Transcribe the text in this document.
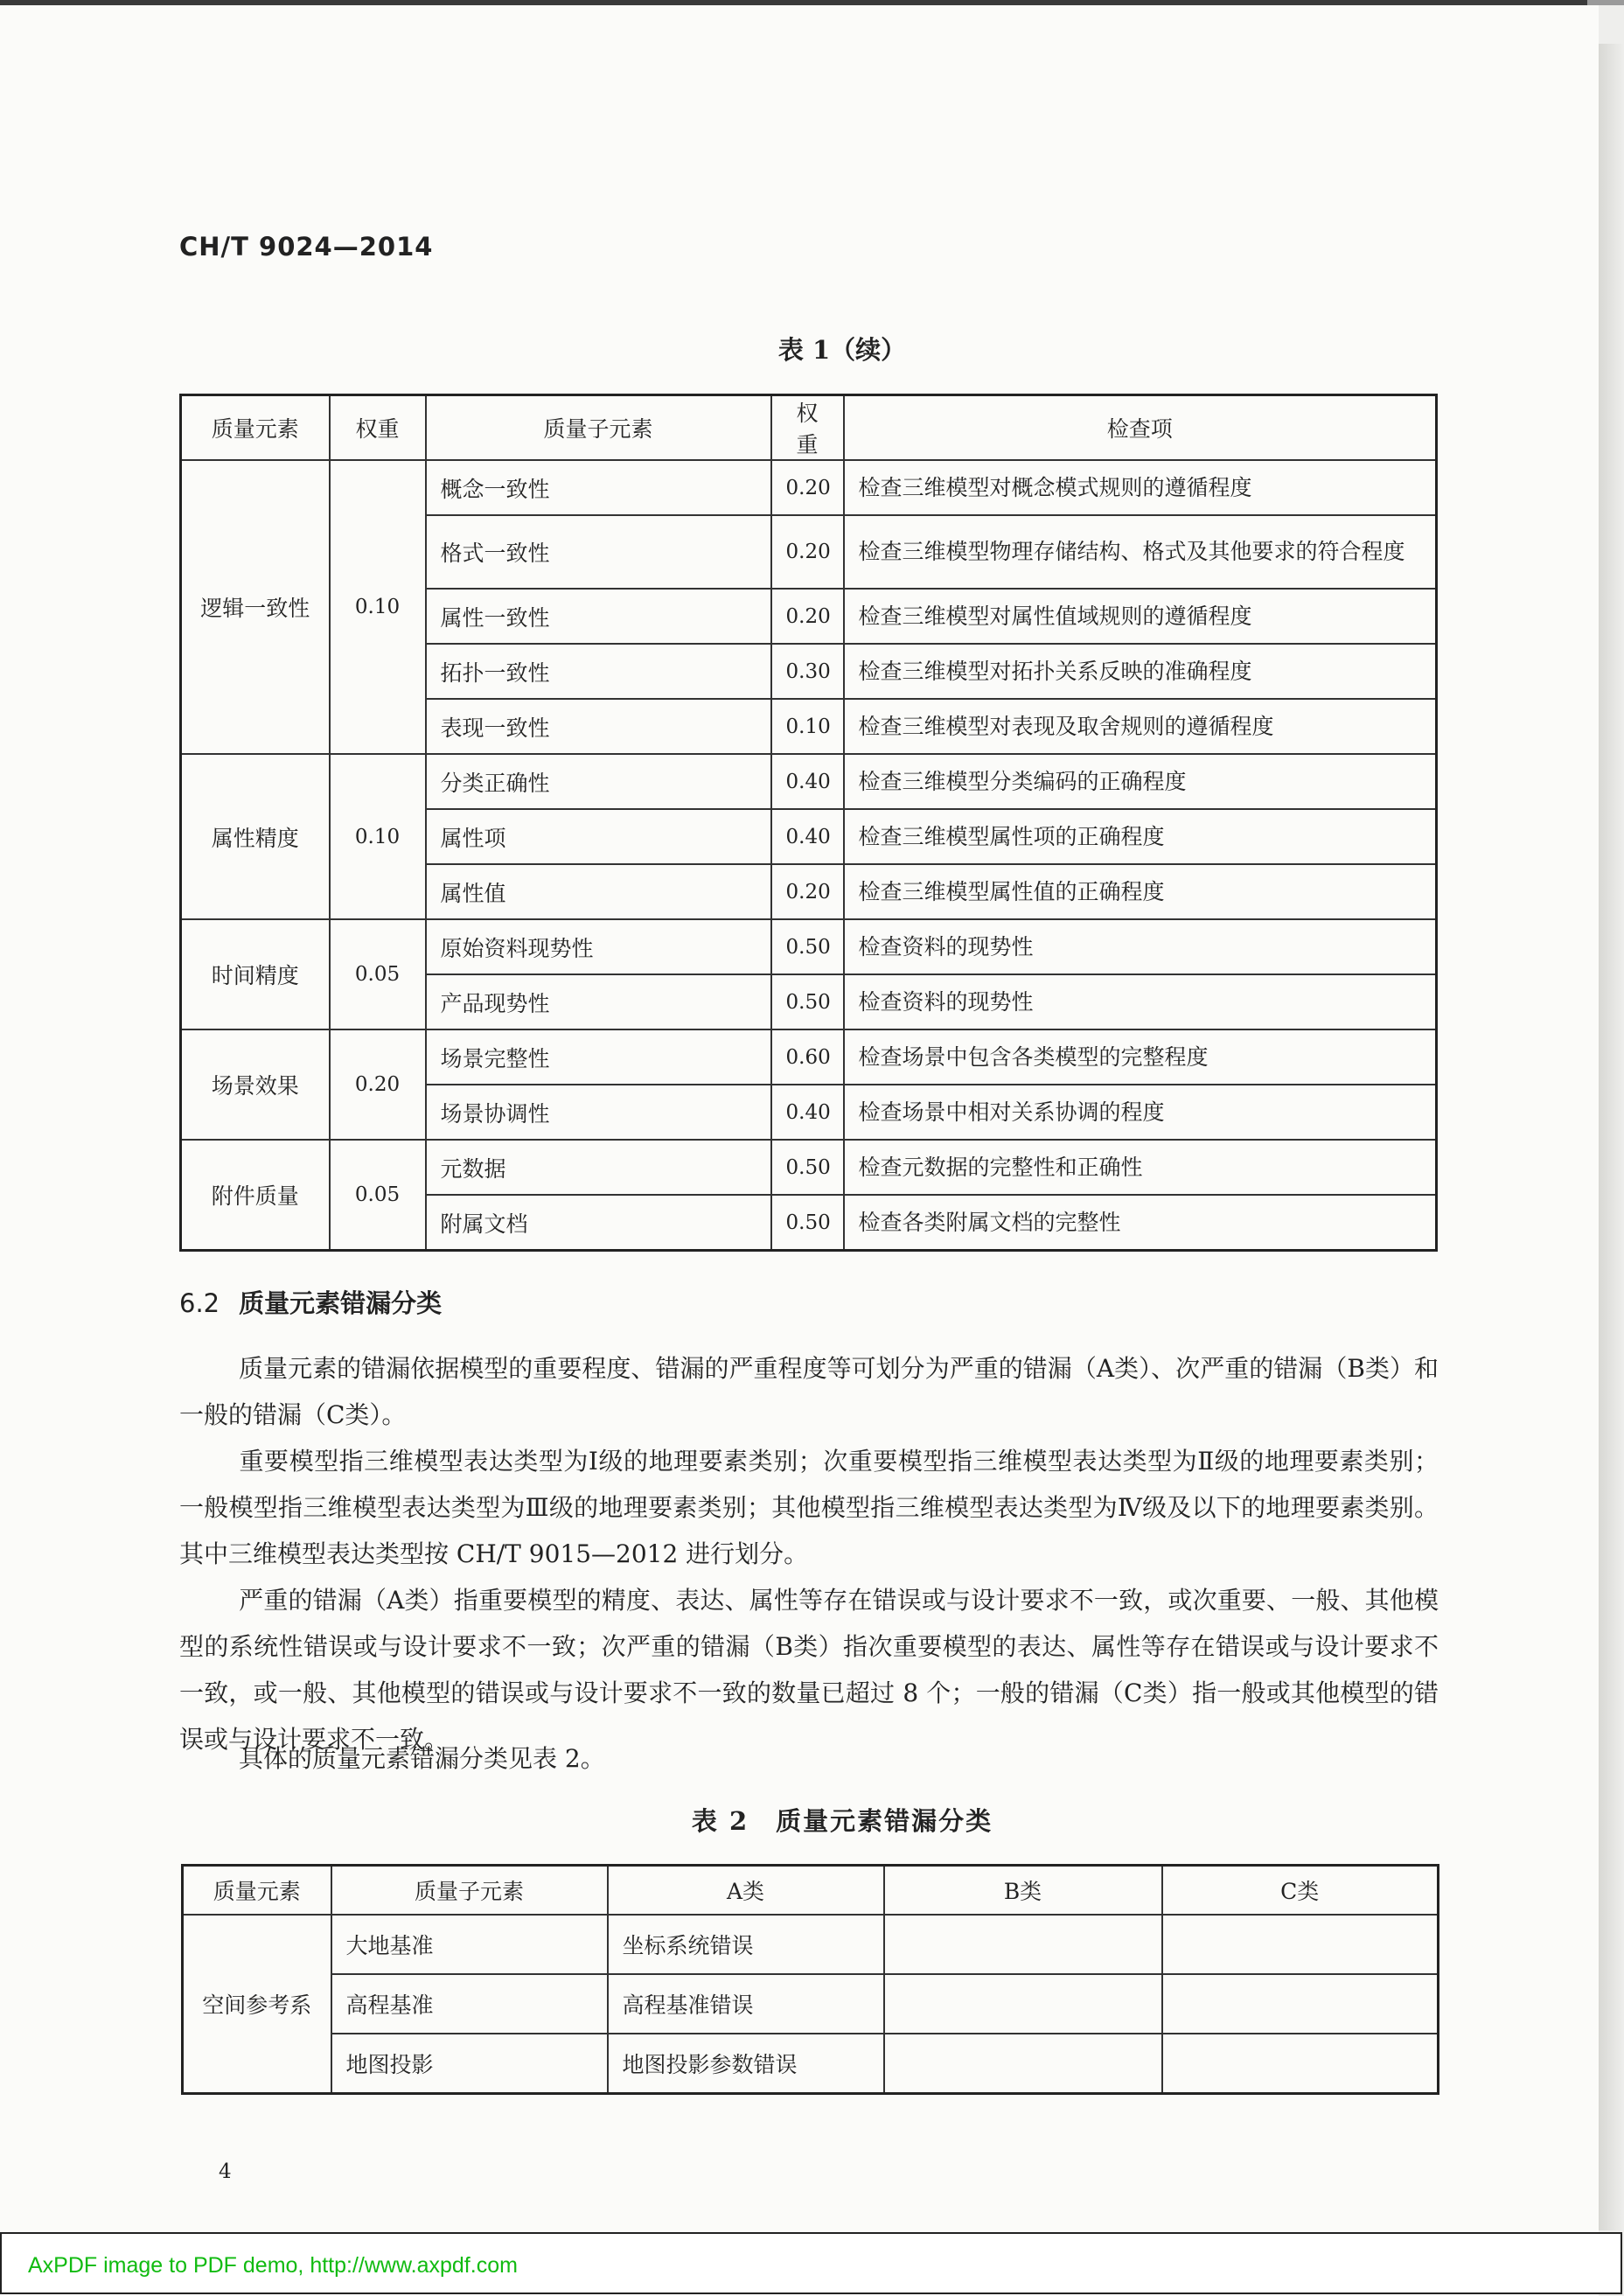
CH/T 9024—2014
表 1（续）
质量元素	权重	质量子元素	权重	检查项
逻辑一致性	0.10	概念一致性	0.20	检查三维模型对概念模式规则的遵循程度
		格式一致性	0.20	检查三维模型物理存储结构、格式及其他要求的符合程度
		属性一致性	0.20	检查三维模型对属性值域规则的遵循程度
		拓扑一致性	0.30	检查三维模型对拓扑关系反映的准确程度
		表现一致性	0.10	检查三维模型对表现及取舍规则的遵循程度
属性精度	0.10	分类正确性	0.40	检查三维模型分类编码的正确程度
		属性项	0.40	检查三维模型属性项的正确程度
		属性值	0.20	检查三维模型属性值的正确程度
时间精度	0.05	原始资料现势性	0.50	检查资料的现势性
		产品现势性	0.50	检查资料的现势性
场景效果	0.20	场景完整性	0.60	检查场景中包含各类模型的完整程度
		场景协调性	0.40	检查场景中相对关系协调的程度
附件质量	0.05	元数据	0.50	检查元数据的完整性和正确性
		附属文档	0.50	检查各类附属文档的完整性
6.2 质量元素错漏分类
质量元素的错漏依据模型的重要程度、错漏的严重程度等可划分为严重的错漏（A类）、次严重的错漏（B类）和一般的错漏（C类）。
重要模型指三维模型表达类型为Ⅰ级的地理要素类别；次重要模型指三维模型表达类型为Ⅱ级的地理要素类别；一般模型指三维模型表达类型为Ⅲ级的地理要素类别；其他模型指三维模型表达类型为Ⅳ级及以下的地理要素类别。其中三维模型表达类型按 CH/T 9015—2012 进行划分。
严重的错漏（A类）指重要模型的精度、表达、属性等存在错误或与设计要求不一致，或次重要、一般、其他模型的系统性错误或与设计要求不一致；次严重的错漏（B类）指次重要模型的表达、属性等存在错误或与设计要求不一致，或一般、其他模型的错误或与设计要求不一致的数量已超过 8 个；一般的错漏（C类）指一般或其他模型的错误或与设计要求不一致。
具体的质量元素错漏分类见表 2。
表 2　质量元素错漏分类
质量元素	质量子元素	A类	B类	C类
空间参考系	大地基准	坐标系统错误		
	高程基准	高程基准错误		
	地图投影	地图投影参数错误		
4
AxPDF image to PDF demo, http://www.axpdf.com
